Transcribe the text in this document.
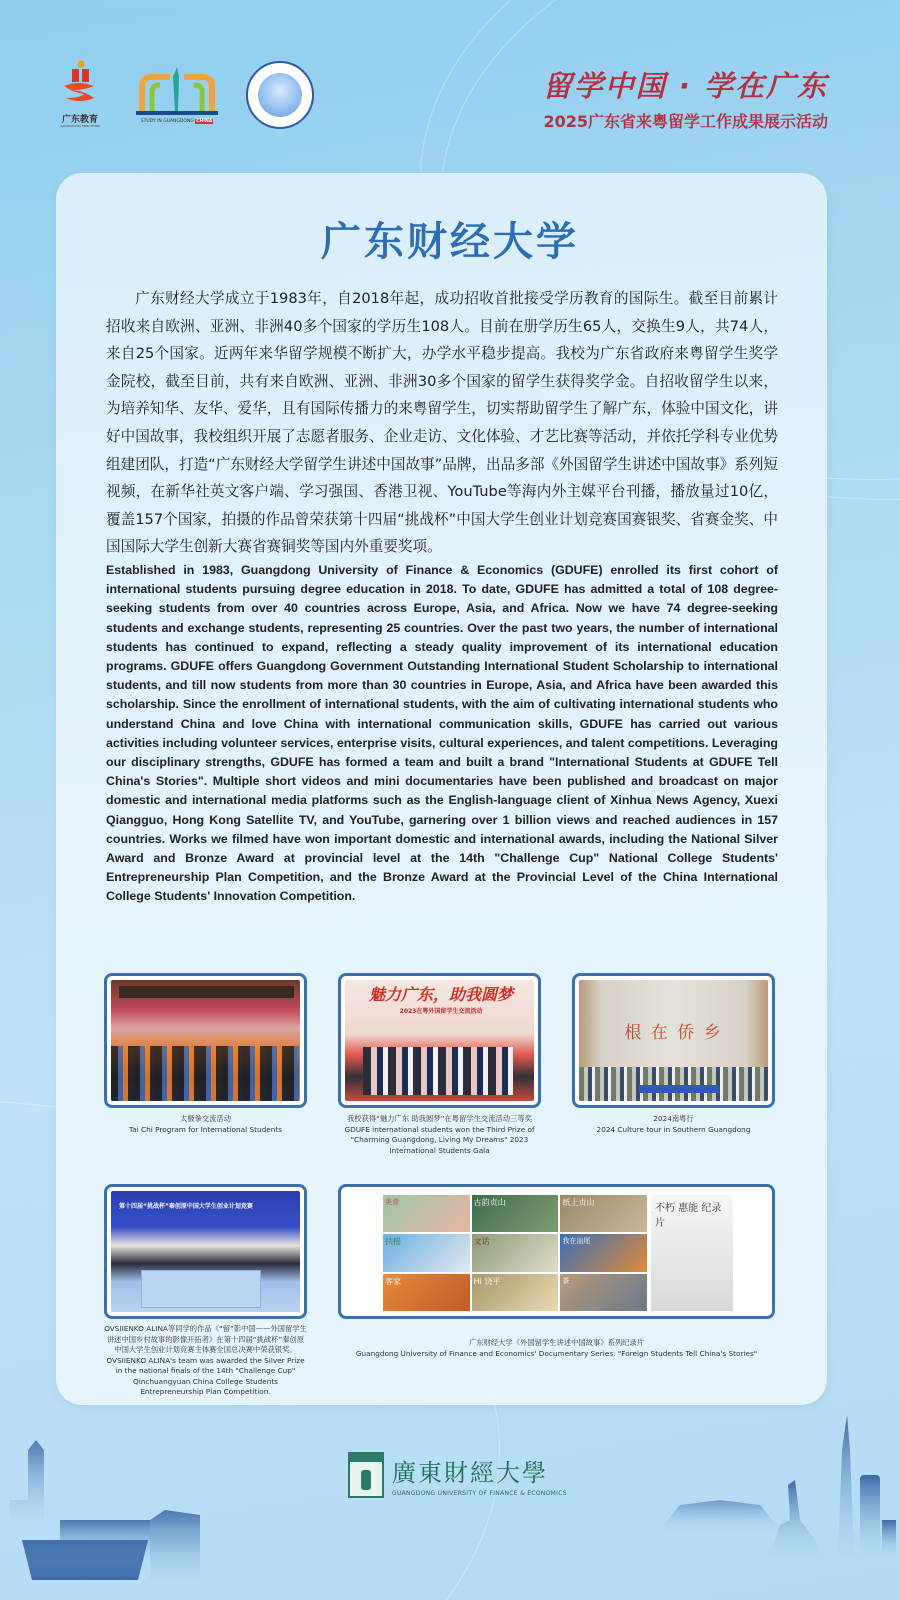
广东教育
GUANGDONG EDUCATION
STUDY IN GUANGDONG CHINA
留学中国 · 学在广东
2025广东省来粤留学工作成果展示活动
广东财经大学
广东财经大学成立于1983年，自2018年起，成功招收首批接受学历教育的国际生。截至目前累计招收来自欧洲、亚洲、非洲40多个国家的学历生108人。目前在册学历生65人，交换生9人，共74人，来自25个国家。近两年来华留学规模不断扩大，办学水平稳步提高。我校为广东省政府来粤留学生奖学金院校，截至目前，共有来自欧洲、亚洲、非洲30多个国家的留学生获得奖学金。自招收留学生以来，为培养知华、友华、爱华，且有国际传播力的来粤留学生，切实帮助留学生了解广东，体验中国文化，讲好中国故事，我校组织开展了志愿者服务、企业走访、文化体验、才艺比赛等活动，并依托学科专业优势组建团队，打造“广东财经大学留学生讲述中国故事”品牌，出品多部《外国留学生讲述中国故事》系列短视频，在新华社英文客户端、学习强国、香港卫视、YouTube等海内外主媒平台刊播，播放量过10亿，覆盖157个国家，拍摄的作品曾荣获第十四届“挑战杯”中国大学生创业计划竞赛国赛银奖、省赛金奖、中国国际大学生创新大赛省赛铜奖等国内外重要奖项。
Established in 1983, Guangdong University of Finance & Economics (GDUFE) enrolled its first cohort of international students pursuing degree education in 2018. To date, GDUFE has admitted a total of 108 degree-seeking students from over 40 countries across Europe, Asia, and Africa. Now we have 74 degree-seeking students and exchange students, representing 25 countries. Over the past two years, the number of international students has continued to expand, reflecting a steady quality improvement of its international education programs. GDUFE offers Guangdong Government Outstanding International Student Scholarship to international students, and till now students from more than 30 countries in Europe, Asia, and Africa have been awarded this scholarship. Since the enrollment of international students, with the aim of cultivating international students who understand China and love China with international communication skills, GDUFE has carried out various activities including volunteer services, enterprise visits, cultural experiences, and talent competitions. Leveraging our disciplinary strengths, GDUFE has formed a team and built a brand "International Students at GDUFE Tell China's Stories". Multiple short videos and mini documentaries have been published and broadcast on major domestic and international media platforms such as the English-language client of Xinhua News Agency, Xuexi Qiangguo, Hong Kong Satellite TV, and YouTube, garnering over 1 billion views and reached audiences in 157 countries. Works we filmed have won important domestic and international awards, including the National Silver Award and Bronze Award at provincial level at the 14th "Challenge Cup" National College Students' Entrepreneurship Plan Competition, and the Bronze Award at the Provincial Level of the China International College Students' Innovation Competition.
太极拳交流活动
Tai Chi Program for International Students
魅力广东，助我圆梦
2023在粤外国留学生交流活动
我校获得“魅力广东 助我圆梦”在粤留学生交流活动三等奖
GDUFE international students won the Third Prize of "Charming Guangdong, Living My Dreams" 2023 International Students Gala
根 在 侨 乡
2024南粤行
2024 Culture tour in Southern Guangdong
第十四届“挑战杯”秦创原中国大学生创业计划竞赛
OVSIIENKO ALINA等同学的作品《“留”影中国——外国留学生讲述中国乡村故事的影像开拓者》在第十四届“挑战杯”秦创原中国大学生创业计划竞赛主体赛全国总决赛中荣获银奖。
OVSIIENKO ALINA's team was awarded the Silver Prize in the national finals of the 14th "Challenge Cup" Qinchuangyuan China College Students Entrepreneurship Plan Competition.
美食	古韵贞山	纸上贞山
扶摇	文话	我在汕尾
客家	Hi 饶平	茶
不朽 惠能 纪录片
广东财经大学《外国留学生讲述中国故事》系列纪录片
Guangdong University of Finance and Economics' Documentary Series: "Foreign Students Tell China's Stories"
廣東財經大學
GUANGDONG UNIVERSITY OF FINANCE & ECONOMICS
